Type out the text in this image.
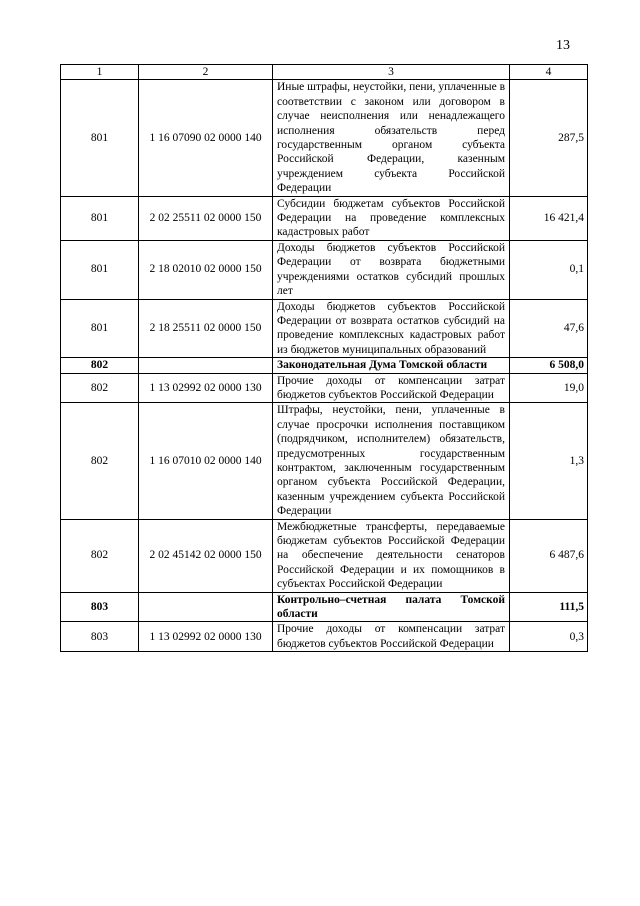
13
1	2	3	4
801	1 16 07090 02 0000 140	Иные штрафы, неустойки, пени, уплаченные в соответствии с законом или договором в случае неисполнения или ненадлежащего исполнения обязательств перед государственным органом субъекта Российской Федерации, казенным учреждением субъекта Российской Федерации	287,5
801	2 02 25511 02 0000 150	Субсидии бюджетам субъектов Российской Федерации на проведение комплексных кадастровых работ	16 421,4
801	2 18 02010 02 0000 150	Доходы бюджетов субъектов Российской Федерации от возврата бюджетными учреждениями остатков субсидий прошлых лет	0,1
801	2 18 25511 02 0000 150	Доходы бюджетов субъектов Российской Федерации от возврата остатков субсидий на проведение комплексных кадастровых работ из бюджетов муниципальных образований	47,6
802		Законодательная Дума Томской области	6 508,0
802	1 13 02992 02 0000 130	Прочие доходы от компенсации затрат бюджетов субъектов Российской Федерации	19,0
802	1 16 07010 02 0000 140	Штрафы, неустойки, пени, уплаченные в случае просрочки исполнения поставщиком (подрядчиком, исполнителем) обязательств, предусмотренных государственным контрактом, заключенным государственным органом субъекта Российской Федерации, казенным учреждением субъекта Российской Федерации	1,3
802	2 02 45142 02 0000 150	Межбюджетные трансферты, передаваемые бюджетам субъектов Российской Федерации на обеспечение деятельности сенаторов Российской Федерации и их помощников в субъектах Российской Федерации	6 487,6
803		Контрольно–счетная палата Томской области	111,5
803	1 13 02992 02 0000 130	Прочие доходы от компенсации затрат бюджетов субъектов Российской Федерации	0,3
